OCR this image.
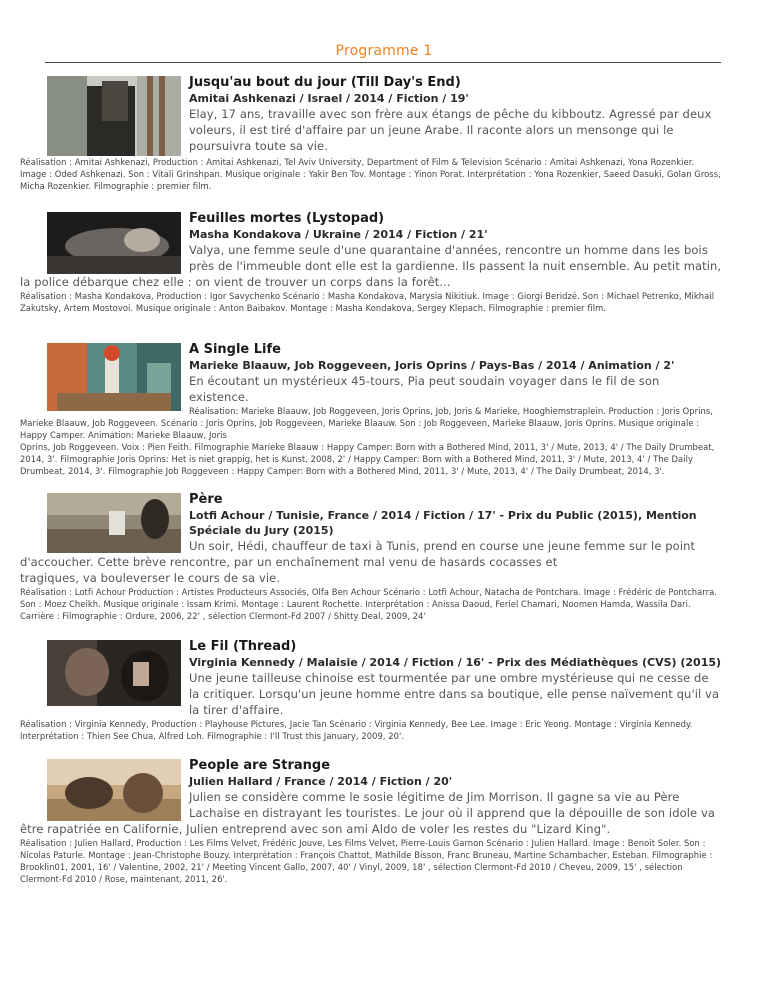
Programme 1
Jusqu'au bout du jour (Till Day's End)
Amitai Ashkenazi / Israel / 2014 / Fiction / 19'
Elay, 17 ans, travaille avec son frère aux étangs de pêche du kibboutz. Agressé par deux voleurs, il est tiré d'affaire par un jeune Arabe. Il raconte alors un mensonge qui le poursuivra toute sa vie.
Réalisation : Amitai Ashkenazi, Production : Amitai Ashkenazi, Tel Aviv University, Department of Film & Television Scénario : Amitai Ashkenazi, Yona Rozenkier. Image : Oded Ashkenazi. Son : Vitali Grinshpan. Musique originale : Yakir Ben Tov. Montage : Yinon Porat. Interprétation : Yona Rozenkier, Saeed Dasuki, Golan Gross, Micha Rozenkier. Filmographie : premier film.
Feuilles mortes (Lystopad)
Masha Kondakova / Ukraine / 2014 / Fiction / 21'
Valya, une femme seule d'une quarantaine d'années, rencontre un homme dans les bois près de l'immeuble dont elle est la gardienne. Ils passent la nuit ensemble. Au petit matin, la police débarque chez elle : on vient de trouver un corps dans la forêt...
Réalisation : Masha Kondakova, Production : Igor Savychenko Scénario : Masha Kondakova, Marysia Nikitiuk. Image : Giorgi Beridzé. Son : Michael Petrenko, Mikhail Zakutsky, Artem Mostovoi. Musique originale : Anton Baibakov. Montage : Masha Kondakova, Sergey Klepach. Filmographie : premier film.
A Single Life
Marieke Blaauw, Job Roggeveen, Joris Oprins / Pays-Bas / 2014 / Animation / 2'
En écoutant un mystérieux 45-tours, Pia peut soudain voyager dans le fil de son existence.
Réalisation: Marieke Blaauw, Job Roggeveen, Joris Oprins, Job, Joris & Marieke, Hooghiemstraplein. Production : Joris Oprins, Marieke Blaauw, Job Roggeveen. Scénario : Joris Oprins, Job Roggeveen, Marieke Blaauw. Son : Job Roggeveen, Marieke Blaauw, Joris Oprins. Musique originale : Happy Camper. Animation: Marieke Blaauw, Joris
Oprins, Job Roggeveen. Voix : Pien Feith. Filmographie Marieke Blaauw : Happy Camper: Born with a Bothered Mind, 2011, 3' / Mute, 2013, 4' / The Daily Drumbeat, 2014, 3'. Filmographie Joris Oprins: Het is niet grappig, het is Kunst, 2008, 2' / Happy Camper: Born with a Bothered Mind, 2011, 3' / Mute, 2013, 4' / The Daily Drumbeat, 2014, 3'. Filmographie Job Roggeveen : Happy Camper: Born with a Bothered Mind, 2011, 3' / Mute, 2013, 4' / The Daily Drumbeat, 2014, 3'.
Père
Lotfi Achour / Tunisie, France / 2014 / Fiction / 17' - Prix du Public (2015), Mention Spéciale du Jury (2015)
Un soir, Hédi, chauffeur de taxi à Tunis, prend en course une jeune femme sur le point d'accoucher. Cette brève rencontre, par un enchaînement mal venu de hasards cocasses et
tragiques, va bouleverser le cours de sa vie.
Réalisation : Lotfi Achour Production : Artistes Producteurs Associés, Olfa Ben Achour Scénario : Lotfi Achour, Natacha de Pontchara. Image : Frédéric de Pontcharra. Son : Moez Cheikh. Musique originale : Issam Krimi. Montage : Laurent Rochette. Interprétation : Anissa Daoud, Feriel Chamari, Noomen Hamda, Wassila Dari. Carrière : Filmographie : Ordure, 2006, 22' , sélection Clermont-Fd 2007 / Shitty Deal, 2009, 24'
Le Fil (Thread)
Virginia Kennedy / Malaisie / 2014 / Fiction / 16' - Prix des Médiathèques (CVS) (2015)
Une jeune tailleuse chinoise est tourmentée par une ombre mystérieuse qui ne cesse de la critiquer. Lorsqu'un jeune homme entre dans sa boutique, elle pense naïvement qu'il va la tirer d'affaire.
Réalisation : Virginia Kennedy, Production : Playhouse Pictures, Jacie Tan Scénario : Virginia Kennedy, Bee Lee. Image : Eric Yeong. Montage : Virginia Kennedy. Interprétation : Thien See Chua, Alfred Loh. Filmographie : I'll Trust this January, 2009, 20'.
People are Strange
Julien Hallard / France / 2014 / Fiction / 20'
Julien se considère comme le sosie légitime de Jim Morrison. Il gagne sa vie au Père Lachaise en distrayant les touristes. Le jour où il apprend que la dépouille de son idole va
être rapatriée en Californie, Julien entreprend avec son ami Aldo de voler les restes du "Lizard King".
Réalisation : Julien Hallard, Production : Les Films Velvet, Frédéric Jouve, Les Films Velvet, Pierre-Louis Garnon Scénario : Julien Hallard. Image : Benoit Soler. Son : Nicolas Paturle. Montage : Jean-Christophe Bouzy. Interprétation : François Chattot, Mathilde Bisson, Franc Bruneau, Martine Schambacher, Esteban. Filmographie : Brooklin01, 2001, 16' / Valentine, 2002, 21' / Meeting Vincent Gallo, 2007, 40' / Vinyl, 2009, 18' , sélection Clermont-Fd 2010 / Cheveu, 2009, 15' , sélection Clermont-Fd 2010 / Rose, maintenant, 2011, 26'.
